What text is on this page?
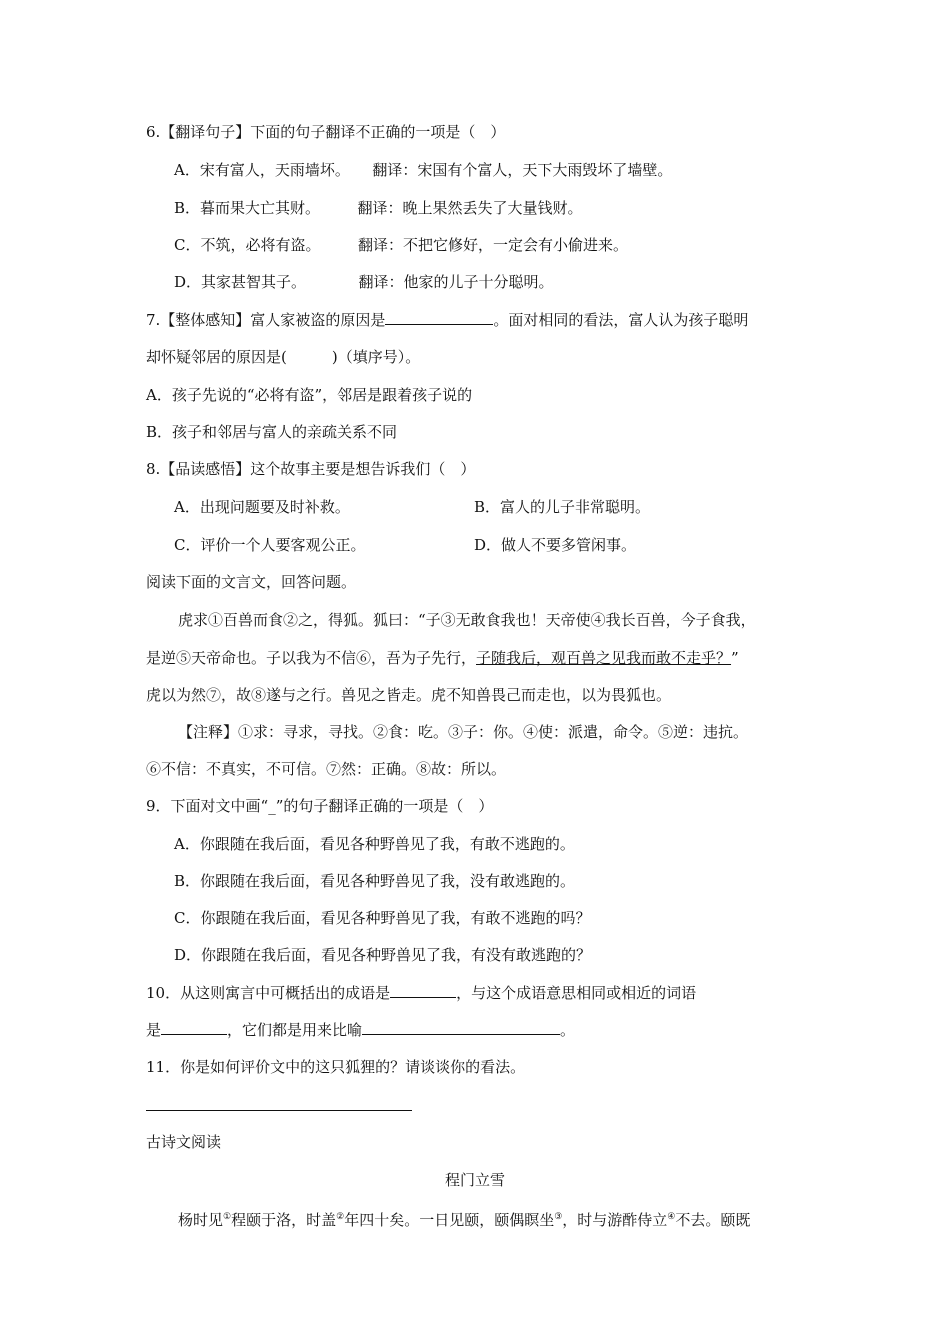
6.【翻译句子】下面的句子翻译不正确的一项是（　）
A．宋有富人，天雨墙坏。　　翻译：宋国有个富人，天下大雨毁坏了墙壁。
B．暮而果大亡其财。　　　翻译：晚上果然丢失了大量钱财。
C．不筑，必将有盗。　　　翻译：不把它修好，一定会有小偷进来。
D．其家甚智其子。　　　　翻译：他家的儿子十分聪明。
7.【整体感知】富人家被盗的原因是	。面对相同的看法，富人认为孩子聪明
却怀疑邻居的原因是(　　　)（填序号）。
A．孩子先说的“必将有盗”，邻居是跟着孩子说的
B．孩子和邻居与富人的亲疏关系不同
8.【品读感悟】这个故事主要是想告诉我们（　）
A．出现问题要及时补救。	B．富人的儿子非常聪明。
C．评价一个人要客观公正。	D．做人不要多管闲事。
阅读下面的文言文，回答问题。
虎求①百兽而食②之，得狐。狐曰：“子③无敢食我也！天帝使④我长百兽，今子食我，
是逆⑤天帝命也。子以我为不信⑥，吾为子先行，子随我后，观百兽之见我而敢不走乎？”
虎以为然⑦，故⑧遂与之行。兽见之皆走。虎不知兽畏己而走也，以为畏狐也。
【注释】①求：寻求，寻找。②食：吃。③子：你。④使：派遣，命令。⑤逆：违抗。
⑥不信：不真实，不可信。⑦然：正确。⑧故：所以。
9．下面对文中画“_”的句子翻译正确的一项是（　）
A．你跟随在我后面，看见各种野兽见了我，有敢不逃跑的。
B．你跟随在我后面，看见各种野兽见了我，没有敢逃跑的。
C．你跟随在我后面，看见各种野兽见了我，有敢不逃跑的吗？
D．你跟随在我后面，看见各种野兽见了我，有没有敢逃跑的？
10．从这则寓言中可概括出的成语是	，与这个成语意思相同或相近的词语
是	，它们都是用来比喻	。
11．你是如何评价文中的这只狐狸的？请谈谈你的看法。
古诗文阅读
程门立雪
杨时见①程颐于洛，时盖②年四十矣。一日见颐，颐偶瞑坐③，时与游酢侍立④不去。颐既
